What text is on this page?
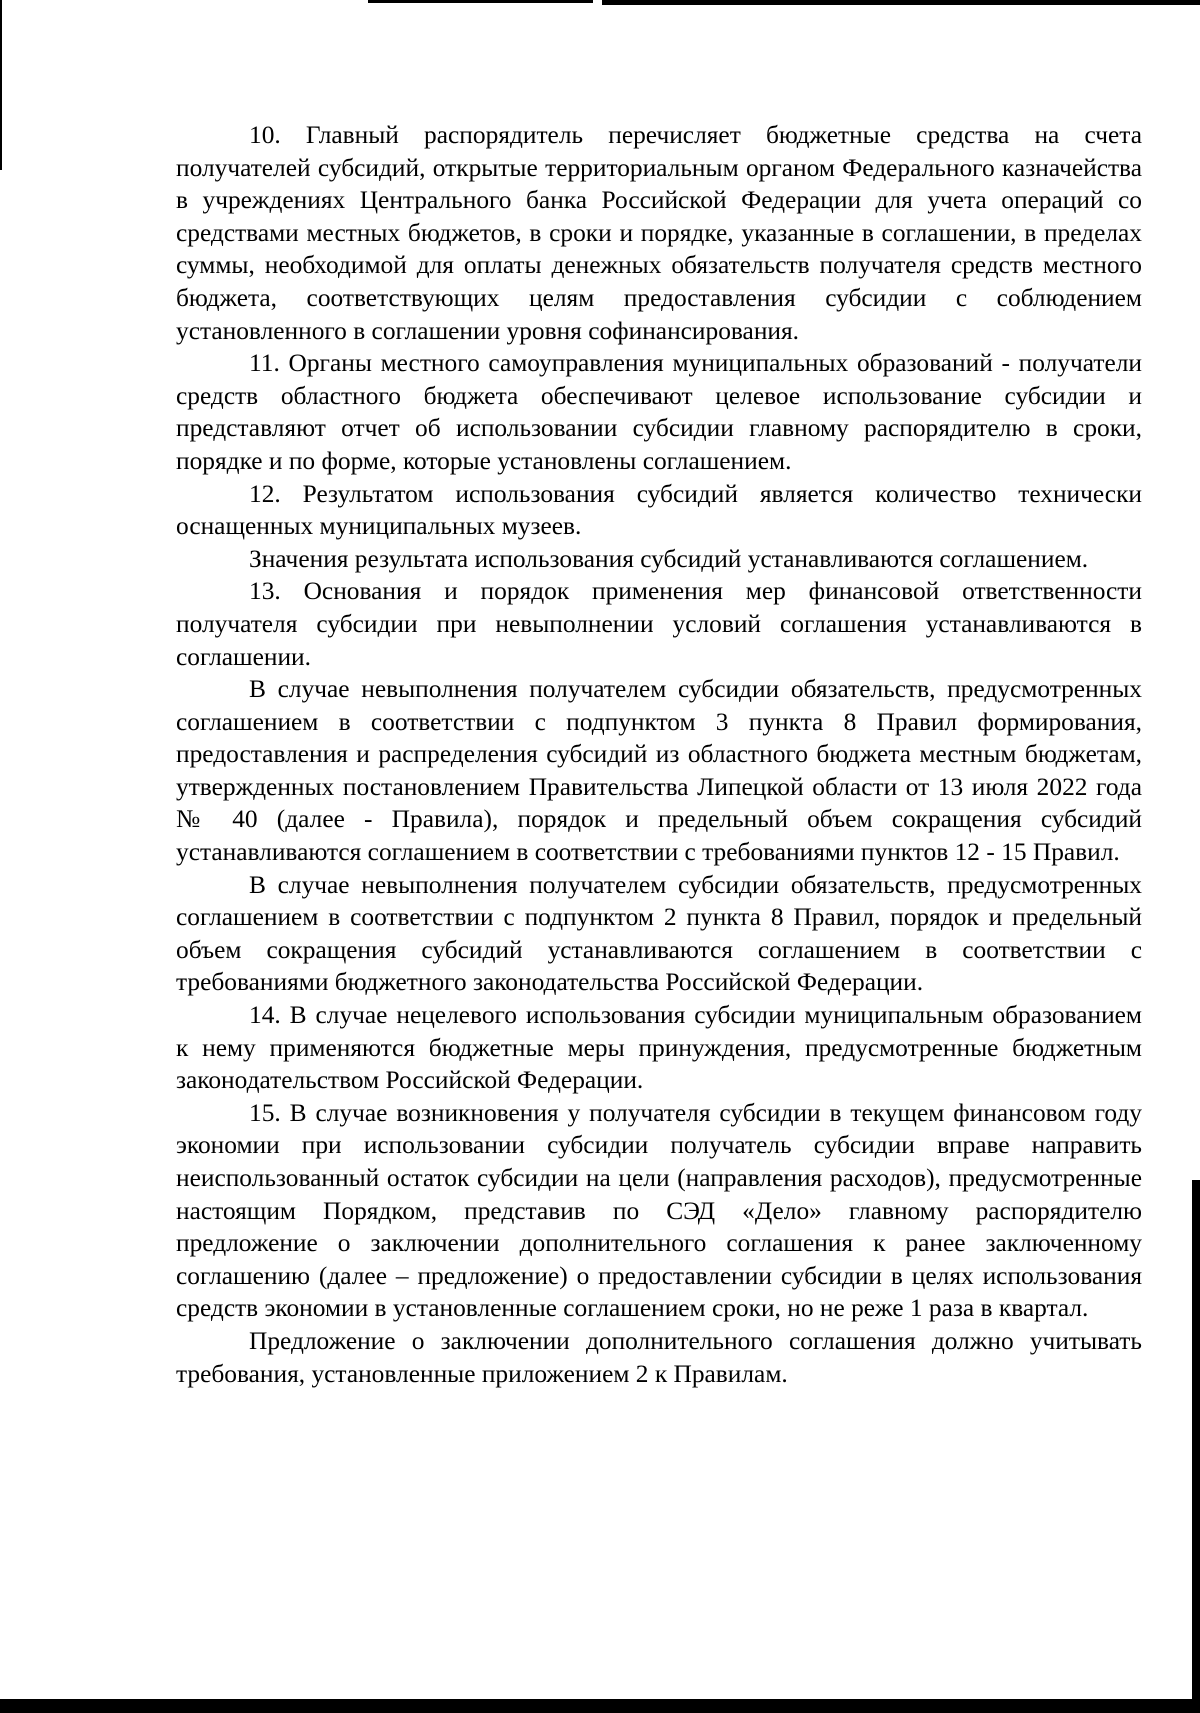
10. Главный распорядитель перечисляет бюджетные средства на счета получателей субсидий, открытые территориальным органом Федерального казначейства в учреждениях Центрального банка Российской Федерации для учета операций со средствами местных бюджетов, в сроки и порядке, указанные в соглашении, в пределах суммы, необходимой для оплаты денежных обязательств получателя средств местного бюджета, соответствующих целям предоставления субсидии с соблюдением установленного в соглашении уровня софинансирования.

11. Органы местного самоуправления муниципальных образований - получатели средств областного бюджета обеспечивают целевое использование субсидии и представляют отчет об использовании субсидии главному распорядителю в сроки, порядке и по форме, которые установлены соглашением.

12. Результатом использования субсидий является количество технически оснащенных муниципальных музеев.

Значения результата использования субсидий устанавливаются соглашением.

13. Основания и порядок применения мер финансовой ответственности получателя субсидии при невыполнении условий соглашения устанавливаются в соглашении.

В случае невыполнения получателем субсидии обязательств, предусмотренных соглашением в соответствии с подпунктом 3 пункта 8 Правил формирования, предоставления и распределения субсидий из областного бюджета местным бюджетам, утвержденных постановлением Правительства Липецкой области от 13 июля 2022 года № 40 (далее - Правила), порядок и предельный объем сокращения субсидий устанавливаются соглашением в соответствии с требованиями пунктов 12 - 15 Правил.

В случае невыполнения получателем субсидии обязательств, предусмотренных соглашением в соответствии с подпунктом 2 пункта 8 Правил, порядок и предельный объем сокращения субсидий устанавливаются соглашением в соответствии с требованиями бюджетного законодательства Российской Федерации.

14. В случае нецелевого использования субсидии муниципальным образованием к нему применяются бюджетные меры принуждения, предусмотренные бюджетным законодательством Российской Федерации.

15. В случае возникновения у получателя субсидии в текущем финансовом году экономии при использовании субсидии получатель субсидии вправе направить неиспользованный остаток субсидии на цели (направления расходов), предусмотренные настоящим Порядком, представив по СЭД «Дело» главному распорядителю предложение о заключении дополнительного соглашения к ранее заключенному соглашению (далее – предложение) о предоставлении субсидии в целях использования средств экономии в установленные соглашением сроки, но не реже 1 раза в квартал.

Предложение о заключении дополнительного соглашения должно учитывать требования, установленные приложением 2 к Правилам.
